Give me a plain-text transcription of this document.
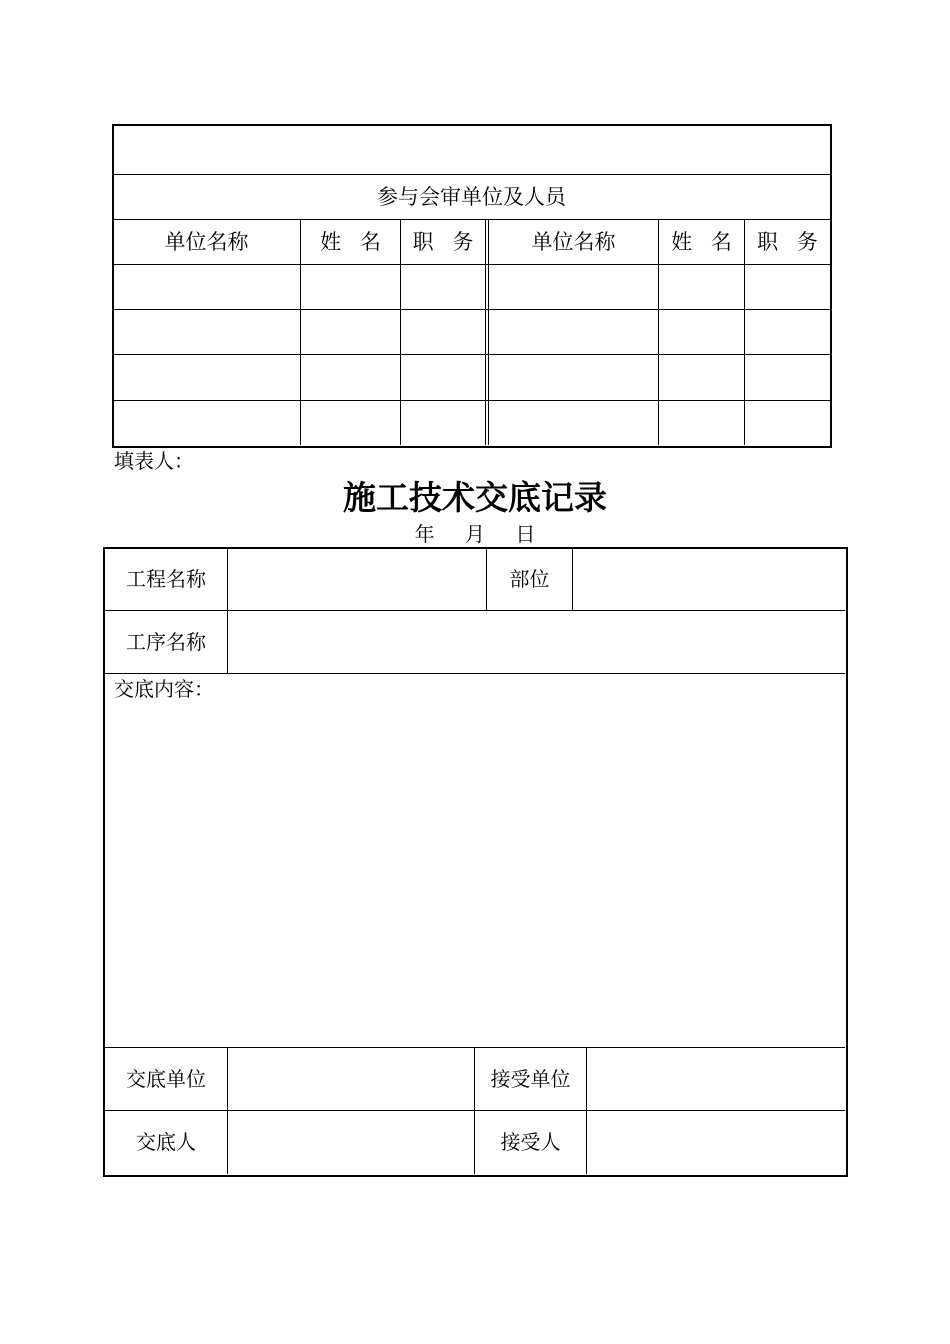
参与会审单位及人员
单位名称	姓 名	职 务	单位名称	姓 名	职 务
填表人：
施工技术交底记录
年 月 日
工程名称	部位
工序名称
交底内容：
交底单位	接受单位
交底人	接受人
